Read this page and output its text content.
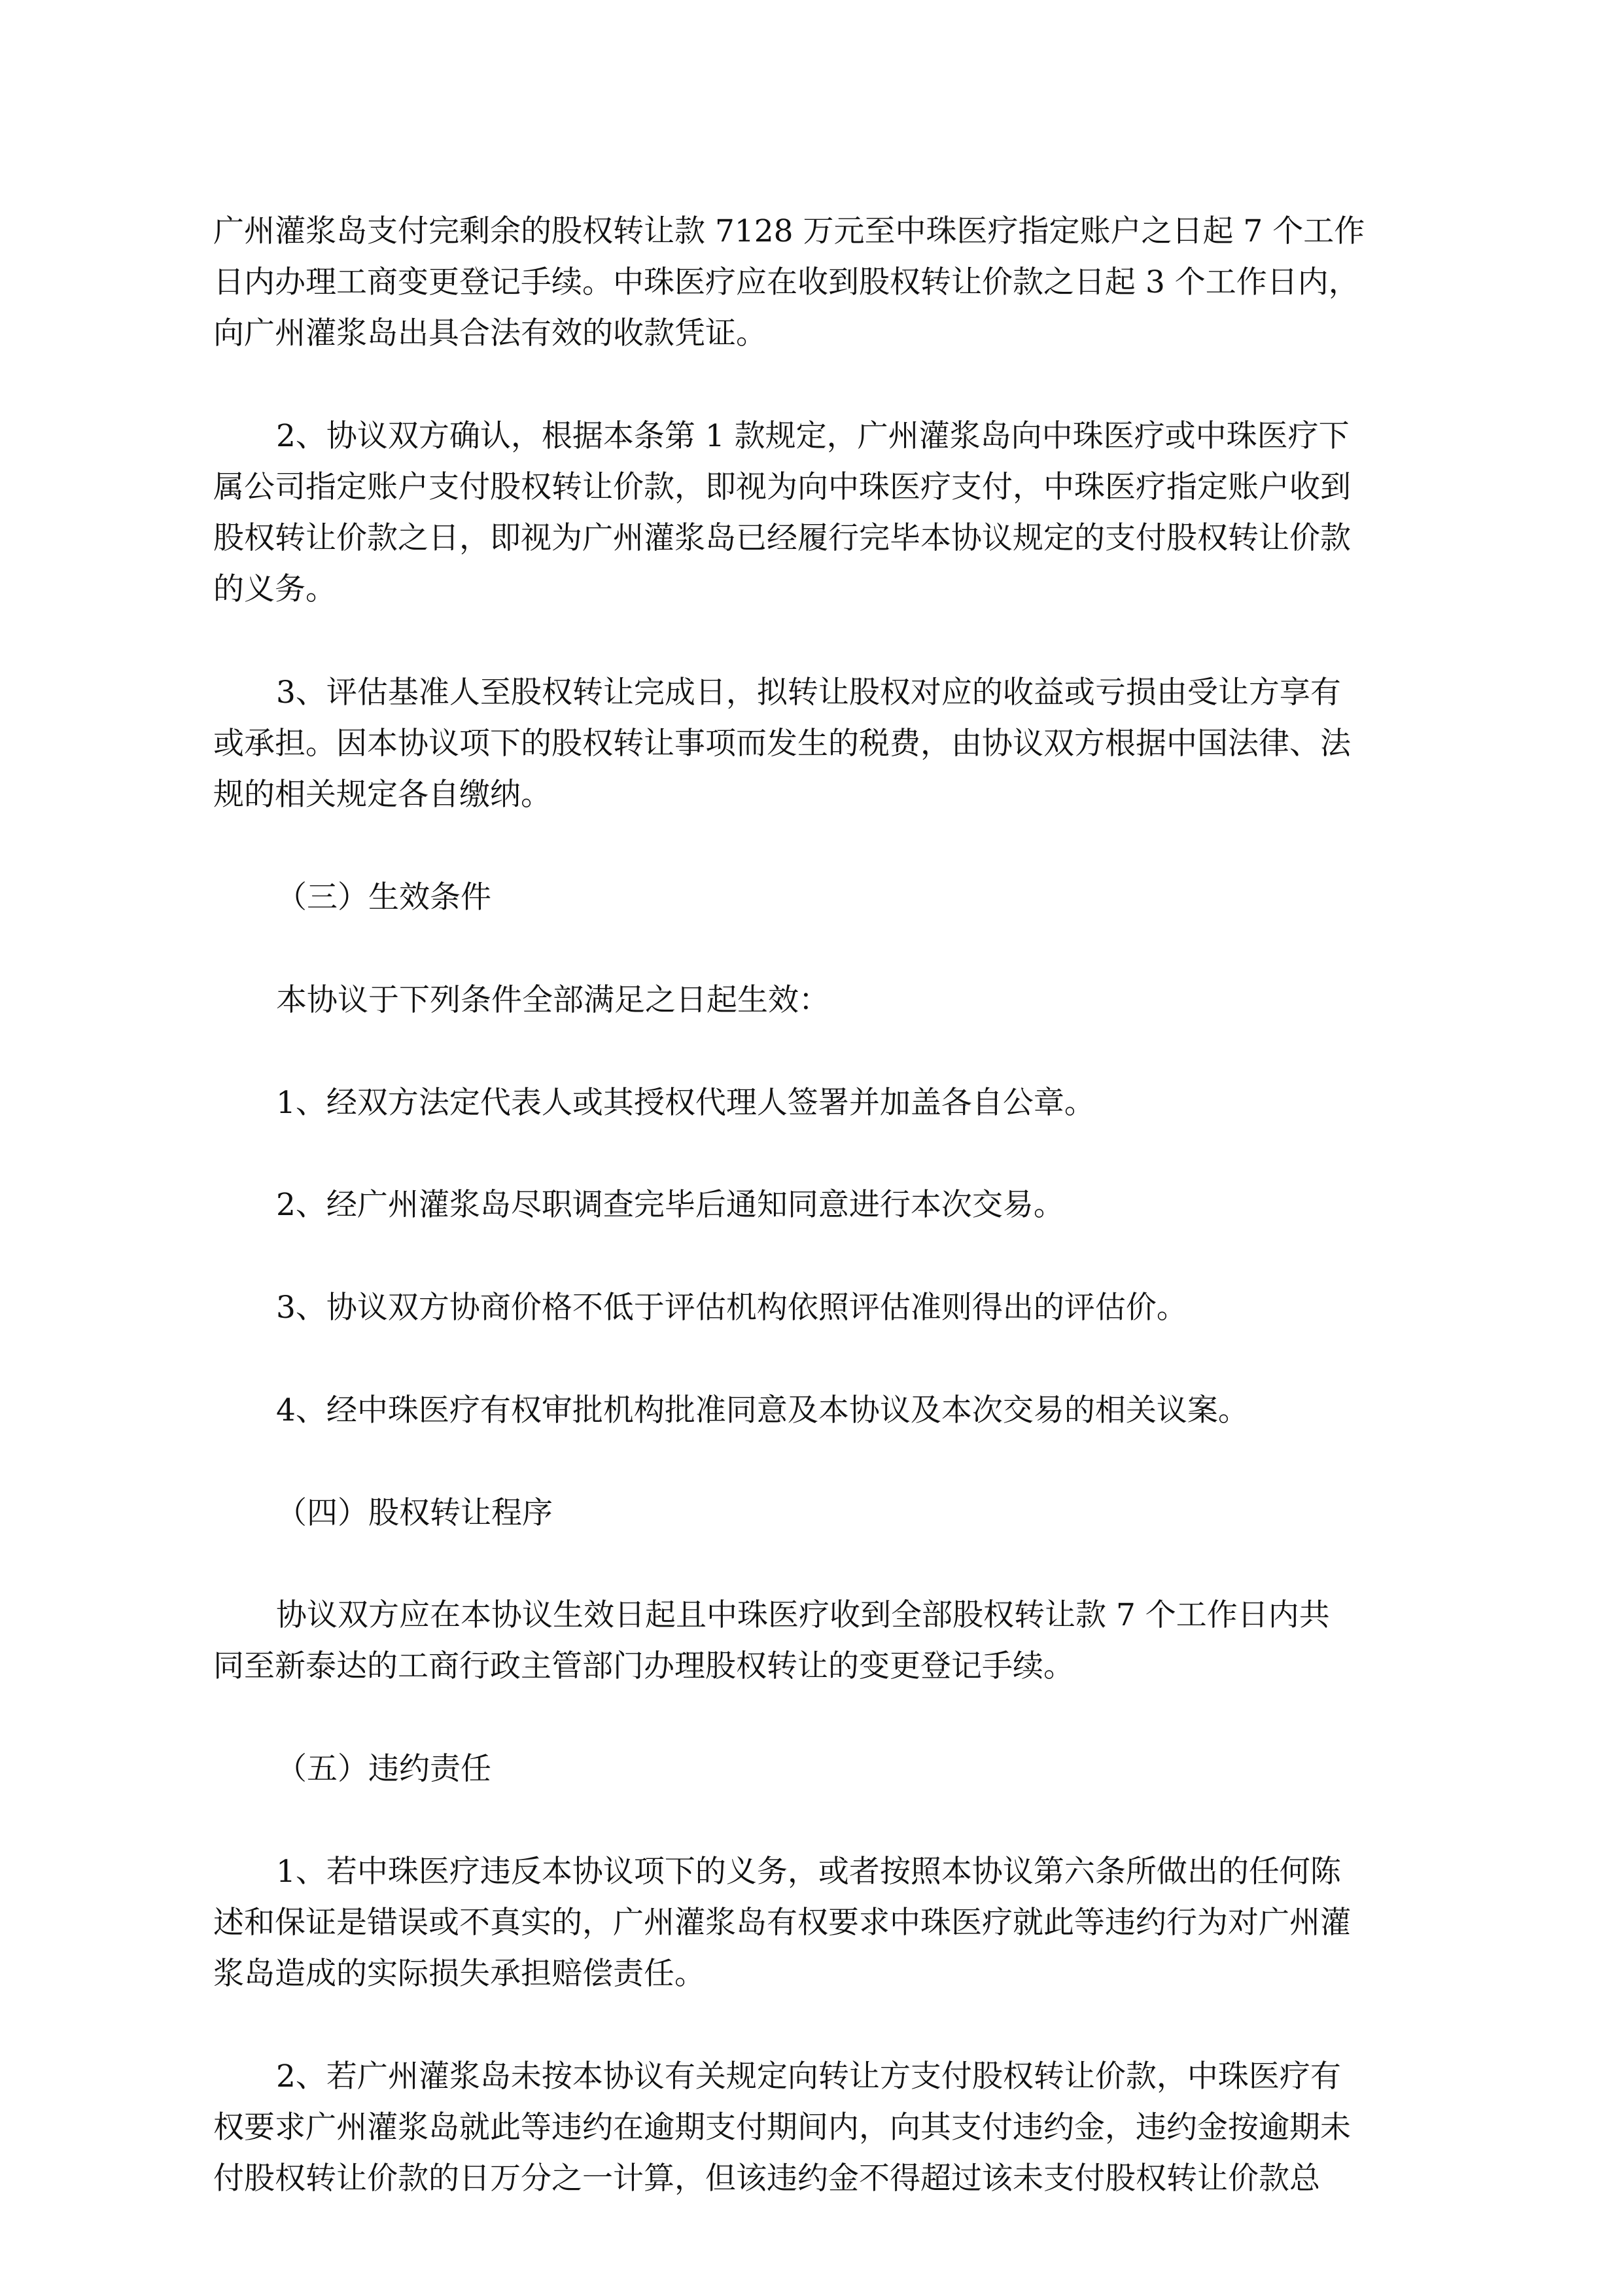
广州灌浆岛支付完剩余的股权转让款 7128 万元至中珠医疗指定账户之日起 7 个工作
日内办理工商变更登记手续。中珠医疗应在收到股权转让价款之日起 3 个工作日内，
向广州灌浆岛出具合法有效的收款凭证。

2、协议双方确认，根据本条第 1 款规定，广州灌浆岛向中珠医疗或中珠医疗下
属公司指定账户支付股权转让价款，即视为向中珠医疗支付，中珠医疗指定账户收到
股权转让价款之日，即视为广州灌浆岛已经履行完毕本协议规定的支付股权转让价款
的义务。

3、评估基准人至股权转让完成日，拟转让股权对应的收益或亏损由受让方享有
或承担。因本协议项下的股权转让事项而发生的税费，由协议双方根据中国法律、法
规的相关规定各自缴纳。

（三）生效条件

本协议于下列条件全部满足之日起生效：

1、经双方法定代表人或其授权代理人签署并加盖各自公章。

2、经广州灌浆岛尽职调查完毕后通知同意进行本次交易。

3、协议双方协商价格不低于评估机构依照评估准则得出的评估价。

4、经中珠医疗有权审批机构批准同意及本协议及本次交易的相关议案。

（四）股权转让程序

协议双方应在本协议生效日起且中珠医疗收到全部股权转让款 7 个工作日内共
同至新泰达的工商行政主管部门办理股权转让的变更登记手续。

（五）违约责任

1、若中珠医疗违反本协议项下的义务，或者按照本协议第六条所做出的任何陈
述和保证是错误或不真实的，广州灌浆岛有权要求中珠医疗就此等违约行为对广州灌
浆岛造成的实际损失承担赔偿责任。

2、若广州灌浆岛未按本协议有关规定向转让方支付股权转让价款，中珠医疗有
权要求广州灌浆岛就此等违约在逾期支付期间内，向其支付违约金，违约金按逾期未
付股权转让价款的日万分之一计算，但该违约金不得超过该未支付股权转让价款总
